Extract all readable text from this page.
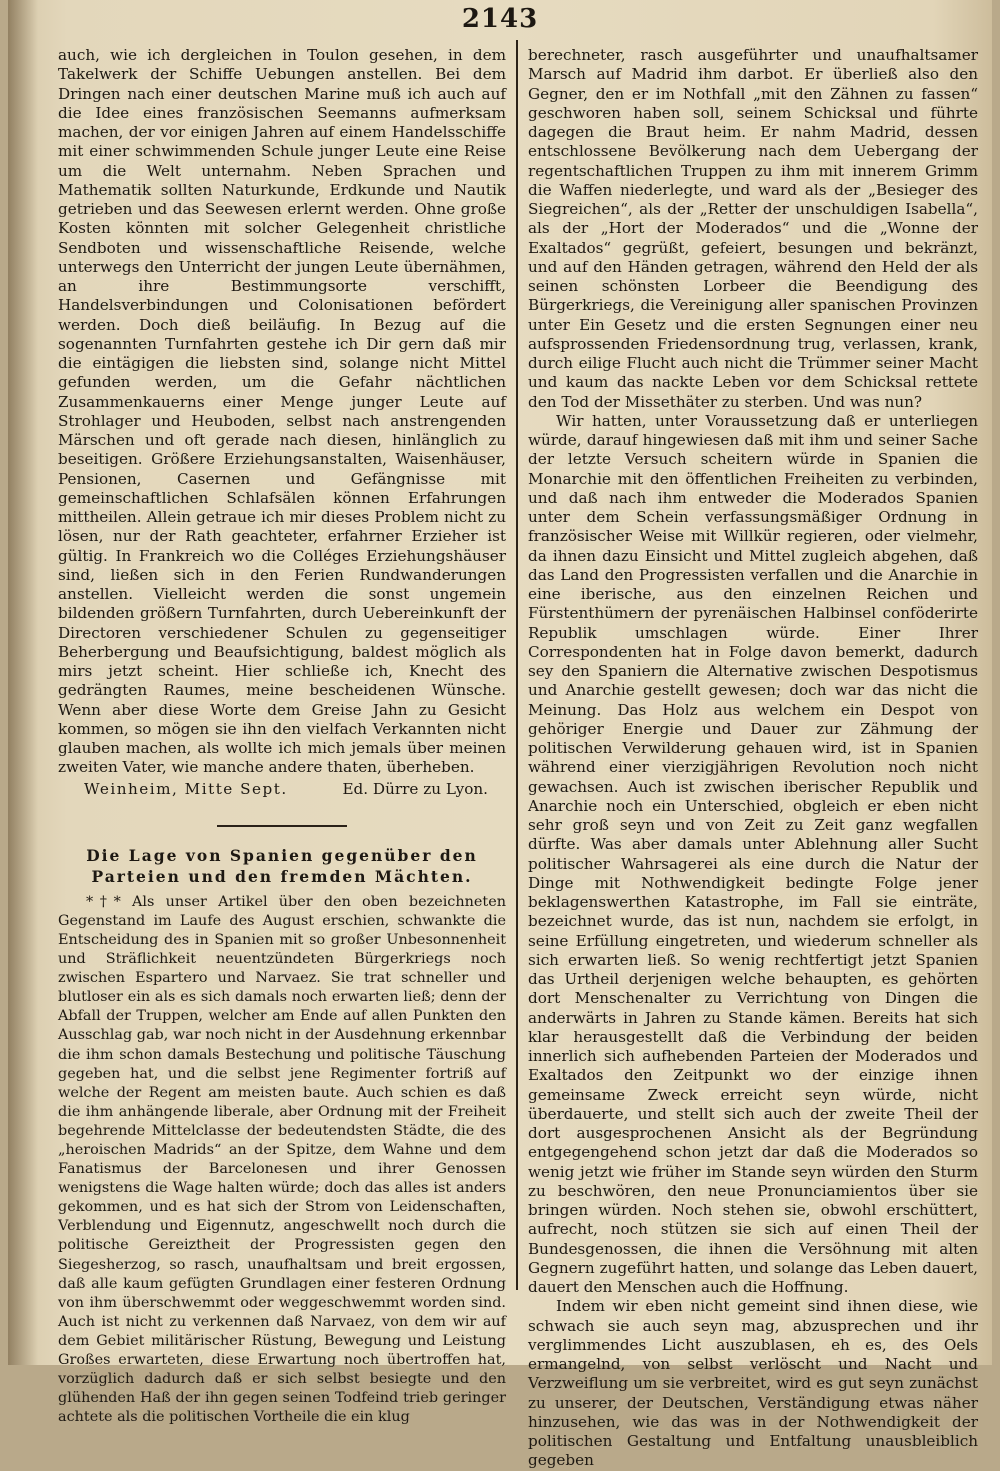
2143

auch, wie ich dergleichen in Toulon gesehen, in dem Takelwerk der Schiffe Uebungen anstellen. Bei dem Dringen nach einer deutschen Marine muß ich auch auf die Idee eines französischen Seemanns aufmerksam machen, der vor einigen Jahren auf einem Handelsschiffe mit einer schwimmenden Schule junger Leute eine Reise um die Welt unternahm. Neben Sprachen und Mathematik sollten Naturkunde, Erdkunde und Nautik getrieben und das Seewesen erlernt werden. Ohne große Kosten könnten mit solcher Gelegenheit christliche Sendboten und wissenschaftliche Reisende, welche unterwegs den Unterricht der jungen Leute übernähmen, an ihre Bestimmungsorte verschifft, Handelsverbindungen und Colonisationen befördert werden. Doch dieß beiläufig. In Bezug auf die sogenannten Turnfahrten gestehe ich Dir gern daß mir die eintägigen die liebsten sind, solange nicht Mittel gefunden werden, um die Gefahr nächtlichen Zusammenkauerns einer Menge junger Leute auf Strohlager und Heuboden, selbst nach anstrengenden Märschen und oft gerade nach diesen, hinlänglich zu beseitigen. Größere Erziehungsanstalten, Waisenhäuser, Pensionen, Casernen und Gefängnisse mit gemeinschaftlichen Schlafsälen können Erfahrungen mittheilen. Allein getraue ich mir dieses Problem nicht zu lösen, nur der Rath geachteter, erfahrner Erzieher ist gültig. In Frankreich wo die Colléges Erziehungshäuser sind, ließen sich in den Ferien Rundwanderungen anstellen. Vielleicht werden die sonst ungemein bildenden größern Turnfahrten, durch Uebereinkunft der Directoren verschiedener Schulen zu gegenseitiger Beherbergung und Beaufsichtigung, baldest möglich als mirs jetzt scheint. Hier schließe ich, Knecht des gedrängten Raumes, meine bescheidenen Wünsche. Wenn aber diese Worte dem Greise Jahn zu Gesicht kommen, so mögen sie ihn den vielfach Verkannten nicht glauben machen, als wollte ich mich jemals über meinen zweiten Vater, wie manche andere thaten, überheben.

Weinheim, Mitte Sept.	Ed. Dürre zu Lyon.
Die Lage von Spanien gegenüber den Parteien und den fremden Mächten.

*†* Als unser Artikel über den oben bezeichneten Gegenstand im Laufe des August erschien, schwankte die Entscheidung des in Spanien mit so großer Unbesonnenheit und Sträflichkeit neuentzündeten Bürgerkriegs noch zwischen Espartero und Narvaez. Sie trat schneller und blutloser ein als es sich damals noch erwarten ließ; denn der Abfall der Truppen, welcher am Ende auf allen Punkten den Ausschlag gab, war noch nicht in der Ausdehnung erkennbar die ihm schon damals Bestechung und politische Täuschung gegeben hat, und die selbst jene Regimenter fortriß auf welche der Regent am meisten baute. Auch schien es daß die ihm anhängende liberale, aber Ordnung mit der Freiheit begehrende Mittelclasse der bedeutendsten Städte, die des „heroischen Madrids“ an der Spitze, dem Wahne und dem Fanatismus der Barcelonesen und ihrer Genossen wenigstens die Wage halten würde; doch das alles ist anders gekommen, und es hat sich der Strom von Leidenschaften, Verblendung und Eigennutz, angeschwellt noch durch die politische Gereiztheit der Progressisten gegen den Siegesherzog, so rasch, unaufhaltsam und breit ergossen, daß alle kaum gefügten Grundlagen einer festeren Ordnung von ihm überschwemmt oder weggeschwemmt worden sind. Auch ist nicht zu verkennen daß Narvaez, von dem wir auf dem Gebiet militärischer Rüstung, Bewegung und Leistung Großes erwarteten, diese Erwartung noch übertroffen hat, vorzüglich dadurch daß er sich selbst besiegte und den glühenden Haß der ihn gegen seinen Todfeind trieb geringer achtete als die politischen Vortheile die ein klug

berechneter, rasch ausgeführter und unaufhaltsamer Marsch auf Madrid ihm darbot. Er überließ also den Gegner, den er im Nothfall „mit den Zähnen zu fassen“ geschworen haben soll, seinem Schicksal und führte dagegen die Braut heim. Er nahm Madrid, dessen entschlossene Bevölkerung nach dem Uebergang der regentschaftlichen Truppen zu ihm mit innerem Grimm die Waffen niederlegte, und ward als der „Besieger des Siegreichen“, als der „Retter der unschuldigen Isabella“, als der „Hort der Moderados“ und die „Wonne der Exaltados“ gegrüßt, gefeiert, besungen und bekränzt, und auf den Händen getragen, während den Held der als seinen schönsten Lorbeer die Beendigung des Bürgerkriegs, die Vereinigung aller spanischen Provinzen unter Ein Gesetz und die ersten Segnungen einer neu aufsprossenden Friedensordnung trug, verlassen, krank, durch eilige Flucht auch nicht die Trümmer seiner Macht und kaum das nackte Leben vor dem Schicksal rettete den Tod der Missethäter zu sterben. Und was nun?

Wir hatten, unter Voraussetzung daß er unterliegen würde, darauf hingewiesen daß mit ihm und seiner Sache der letzte Versuch scheitern würde in Spanien die Monarchie mit den öffentlichen Freiheiten zu verbinden, und daß nach ihm entweder die Moderados Spanien unter dem Schein verfassungsmäßiger Ordnung in französischer Weise mit Willkür regieren, oder vielmehr, da ihnen dazu Einsicht und Mittel zugleich abgehen, daß das Land den Progressisten verfallen und die Anarchie in eine iberische, aus den einzelnen Reichen und Fürstenthümern der pyrenäischen Halbinsel conföderirte Republik umschlagen würde. Einer Ihrer Correspondenten hat in Folge davon bemerkt, dadurch sey den Spaniern die Alternative zwischen Despotismus und Anarchie gestellt gewesen; doch war das nicht die Meinung. Das Holz aus welchem ein Despot von gehöriger Energie und Dauer zur Zähmung der politischen Verwilderung gehauen wird, ist in Spanien während einer vierzigjährigen Revolution noch nicht gewachsen. Auch ist zwischen iberischer Republik und Anarchie noch ein Unterschied, obgleich er eben nicht sehr groß seyn und von Zeit zu Zeit ganz wegfallen dürfte. Was aber damals unter Ablehnung aller Sucht politischer Wahrsagerei als eine durch die Natur der Dinge mit Nothwendigkeit bedingte Folge jener beklagenswerthen Katastrophe, im Fall sie einträte, bezeichnet wurde, das ist nun, nachdem sie erfolgt, in seine Erfüllung eingetreten, und wiederum schneller als sich erwarten ließ. So wenig rechtfertigt jetzt Spanien das Urtheil derjenigen welche behaupten, es gehörten dort Menschenalter zu Verrichtung von Dingen die anderwärts in Jahren zu Stande kämen. Bereits hat sich klar herausgestellt daß die Verbindung der beiden innerlich sich aufhebenden Parteien der Moderados und Exaltados den Zeitpunkt wo der einzige ihnen gemeinsame Zweck erreicht seyn würde, nicht überdauerte, und stellt sich auch der zweite Theil der dort ausgesprochenen Ansicht als der Begründung entgegengehend schon jetzt dar daß die Moderados so wenig jetzt wie früher im Stande seyn würden den Sturm zu beschwören, den neue Pronunciamientos über sie bringen würden. Noch stehen sie, obwohl erschüttert, aufrecht, noch stützen sie sich auf einen Theil der Bundesgenossen, die ihnen die Versöhnung mit alten Gegnern zugeführt hatten, und solange das Leben dauert, dauert den Menschen auch die Hoffnung.

Indem wir eben nicht gemeint sind ihnen diese, wie schwach sie auch seyn mag, abzusprechen und ihr verglimmendes Licht auszublasen, eh es, des Oels ermangelnd, von selbst verlöscht und Nacht und Verzweiflung um sie verbreitet, wird es gut seyn zunächst zu unserer, der Deutschen, Verständigung etwas näher hinzusehen, wie das was in der Nothwendigkeit der politischen Gestaltung und Entfaltung unausbleiblich gegeben
